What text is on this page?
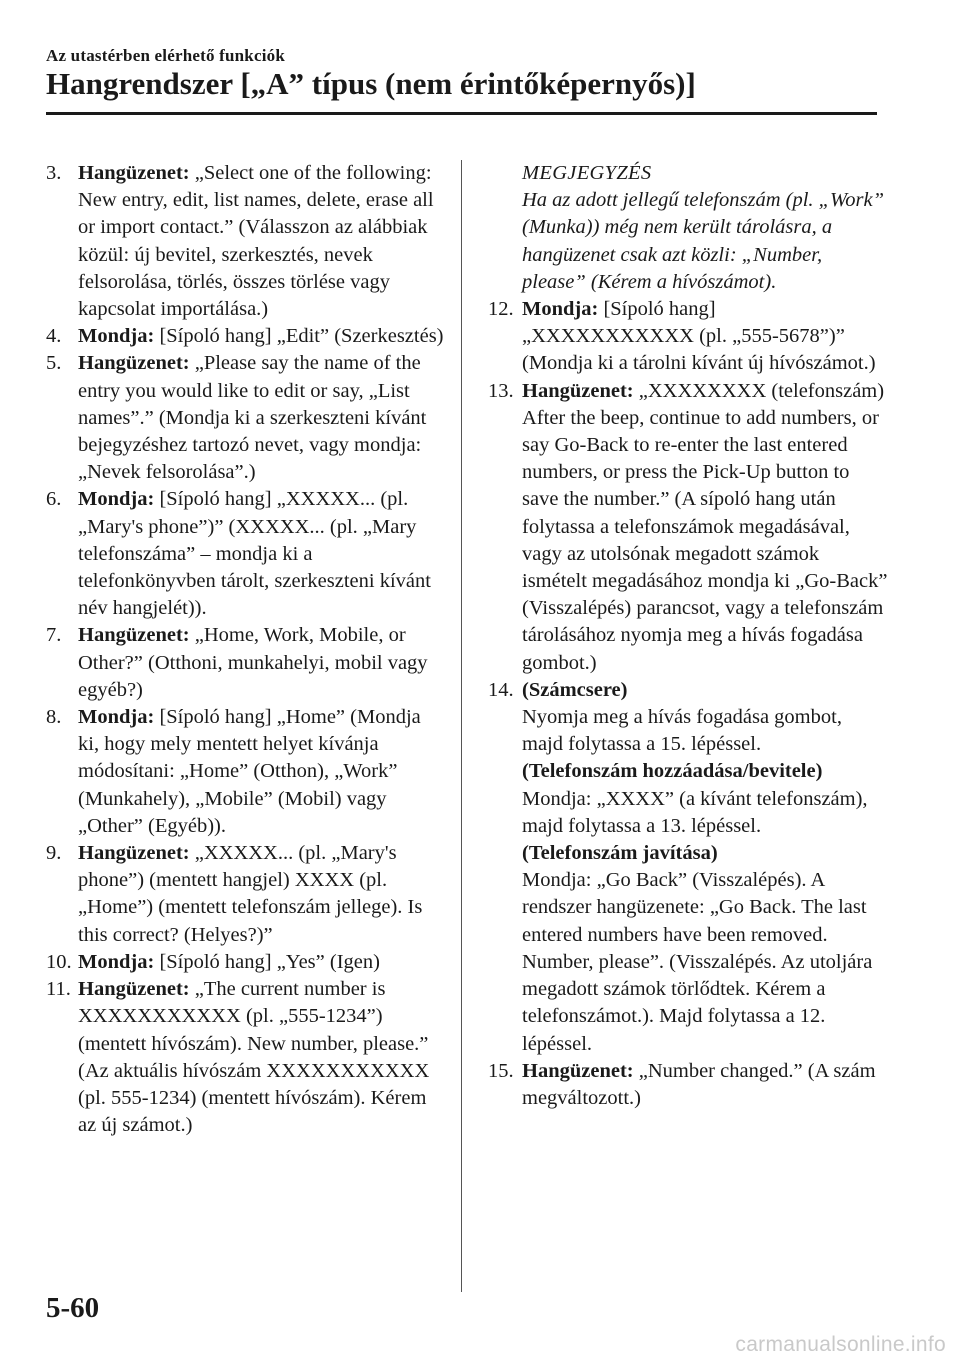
Az utastérben elérhető funkciók
Hangrendszer [„A” típus (nem érintőképernyős)]

3. Hangüzenet: „Select one of the following: New entry, edit, list names, delete, erase all or import contact.” (Válasszon az alábbiak közül: új bevitel, szerkesztés, nevek felsorolása, törlés, összes törlése vagy kapcsolat importálása.)

4. Mondja: [Sípoló hang] „Edit” (Szerkesztés)

5. Hangüzenet: „Please say the name of the entry you would like to edit or say, „List names”.” (Mondja ki a szerkeszteni kívánt bejegyzéshez tartozó nevet, vagy mondja: „Nevek felsorolása”.)

6. Mondja: [Sípoló hang] „XXXXX... (pl. „Mary's phone”)” (XXXXX... (pl. „Mary telefonszáma” – mondja ki a telefonkönyvben tárolt, szerkeszteni kívánt név hangjelét)).

7. Hangüzenet: „Home, Work, Mobile, or Other?” (Otthoni, munkahelyi, mobil vagy egyéb?)

8. Mondja: [Sípoló hang] „Home” (Mondja ki, hogy mely mentett helyet kívánja módosítani: „Home” (Otthon), „Work” (Munkahely), „Mobile” (Mobil) vagy „Other” (Egyéb)).

9. Hangüzenet: „XXXXX... (pl. „Mary's phone”) (mentett hangjel) XXXX (pl. „Home”) (mentett telefonszám jellege). Is this correct? (Helyes?)”

10. Mondja: [Sípoló hang] „Yes” (Igen)

11. Hangüzenet: „The current number is XXXXXXXXXXX (pl. „555-1234”) (mentett hívószám). New number, please.” (Az aktuális hívószám XXXXXXXXXXX (pl. 555-1234) (mentett hívószám). Kérem az új számot.)

MEGJEGYZÉS
Ha az adott jellegű telefonszám (pl. „Work” (Munka)) még nem került tárolásra, a hangüzenet csak azt közli: „Number, please” (Kérem a hívószámot).

12. Mondja: [Sípoló hang] „XXXXXXXXXXX (pl. „555-5678”)” (Mondja ki a tárolni kívánt új hívószámot.)

13. Hangüzenet: „XXXXXXXX (telefonszám) After the beep, continue to add numbers, or say Go-Back to re-enter the last entered numbers, or press the Pick-Up button to save the number.” (A sípoló hang után folytassa a telefonszámok megadásával, vagy az utolsónak megadott számok ismételt megadásához mondja ki „Go-Back” (Visszalépés) parancsot, vagy a telefonszám tárolásához nyomja meg a hívás fogadása gombot.)

14. (Számcsere)
Nyomja meg a hívás fogadása gombot, majd folytassa a 15. lépéssel.
(Telefonszám hozzáadása/bevitele)
Mondja: „XXXX” (a kívánt telefonszám), majd folytassa a 13. lépéssel.
(Telefonszám javítása)
Mondja: „Go Back” (Visszalépés). A rendszer hangüzenete: „Go Back. The last entered numbers have been removed. Number, please”. (Visszalépés. Az utoljára megadott számok törlődtek. Kérem a telefonszámot.). Majd folytassa a 12. lépéssel.

15. Hangüzenet: „Number changed.” (A szám megváltozott.)

5-60
carmanualsonline.info
